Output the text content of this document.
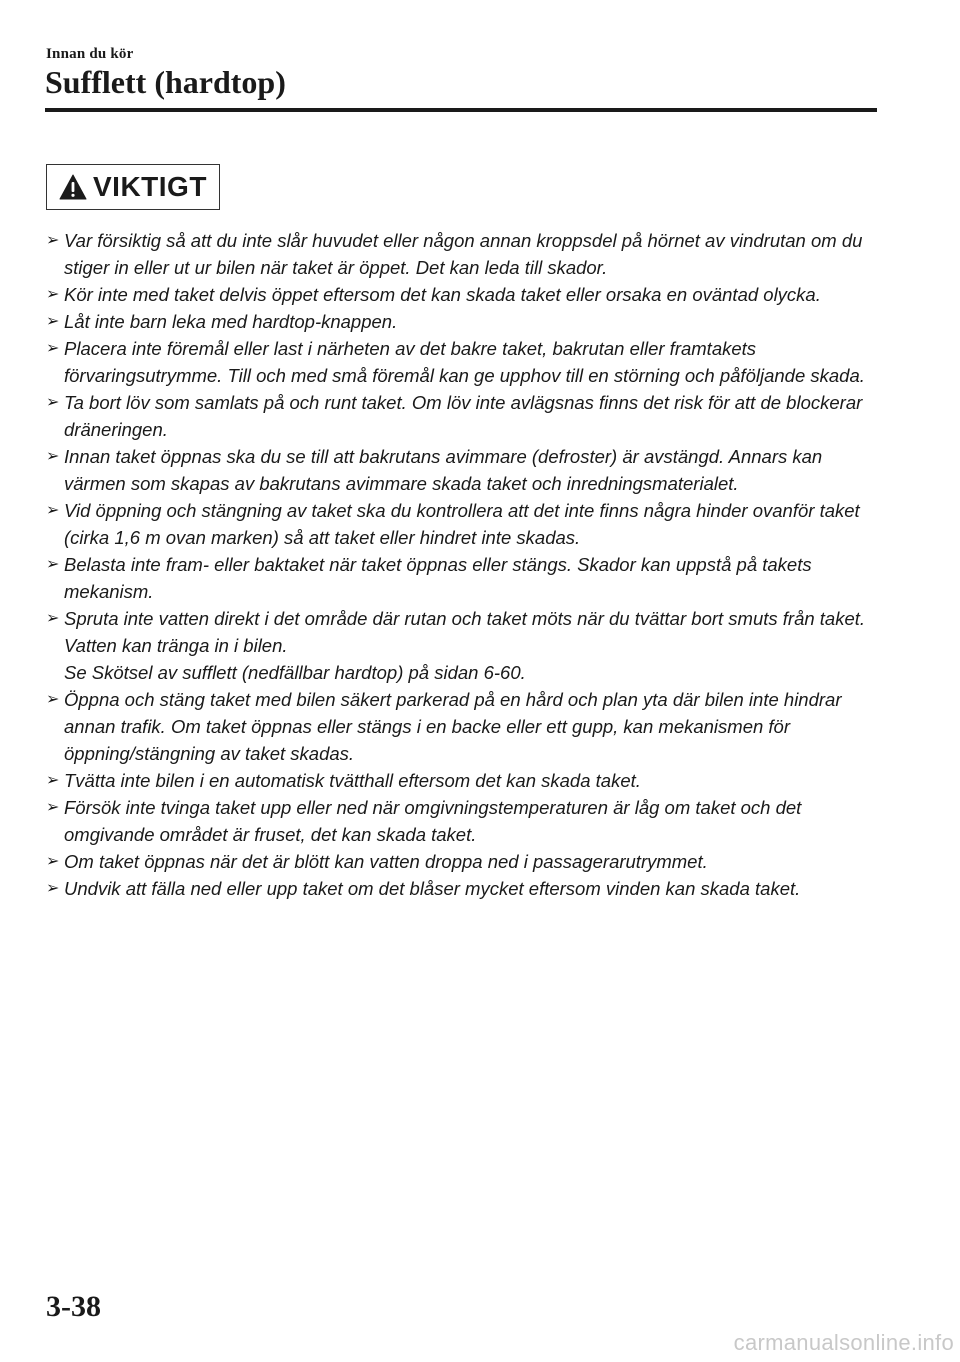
Innan du kör
Sufflett (hardtop)
VIKTIGT
➢ Var försiktig så att du inte slår huvudet eller någon annan kroppsdel på hörnet av vindrutan om du stiger in eller ut ur bilen när taket är öppet. Det kan leda till skador.
➢ Kör inte med taket delvis öppet eftersom det kan skada taket eller orsaka en oväntad olycka.
➢ Låt inte barn leka med hardtop-knappen.
➢ Placera inte föremål eller last i närheten av det bakre taket, bakrutan eller framtakets förvaringsutrymme. Till och med små föremål kan ge upphov till en störning och påföljande skada.
➢ Ta bort löv som samlats på och runt taket. Om löv inte avlägsnas finns det risk för att de blockerar dräneringen.
➢ Innan taket öppnas ska du se till att bakrutans avimmare (defroster) är avstängd. Annars kan värmen som skapas av bakrutans avimmare skada taket och inredningsmaterialet.
➢ Vid öppning och stängning av taket ska du kontrollera att det inte finns några hinder ovanför taket (cirka 1,6 m ovan marken) så att taket eller hindret inte skadas.
➢ Belasta inte fram- eller baktaket när taket öppnas eller stängs. Skador kan uppstå på takets mekanism.
➢ Spruta inte vatten direkt i det område där rutan och taket möts när du tvättar bort smuts från taket. Vatten kan tränga in i bilen.
Se Skötsel av sufflett (nedfällbar hardtop) på sidan 6-60.
➢ Öppna och stäng taket med bilen säkert parkerad på en hård och plan yta där bilen inte hindrar annan trafik. Om taket öppnas eller stängs i en backe eller ett gupp, kan mekanismen för öppning/stängning av taket skadas.
➢ Tvätta inte bilen i en automatisk tvätthall eftersom det kan skada taket.
➢ Försök inte tvinga taket upp eller ned när omgivningstemperaturen är låg om taket och det omgivande området är fruset, det kan skada taket.
➢ Om taket öppnas när det är blött kan vatten droppa ned i passagerarutrymmet.
➢ Undvik att fälla ned eller upp taket om det blåser mycket eftersom vinden kan skada taket.
3-38
carmanualsonline.info
